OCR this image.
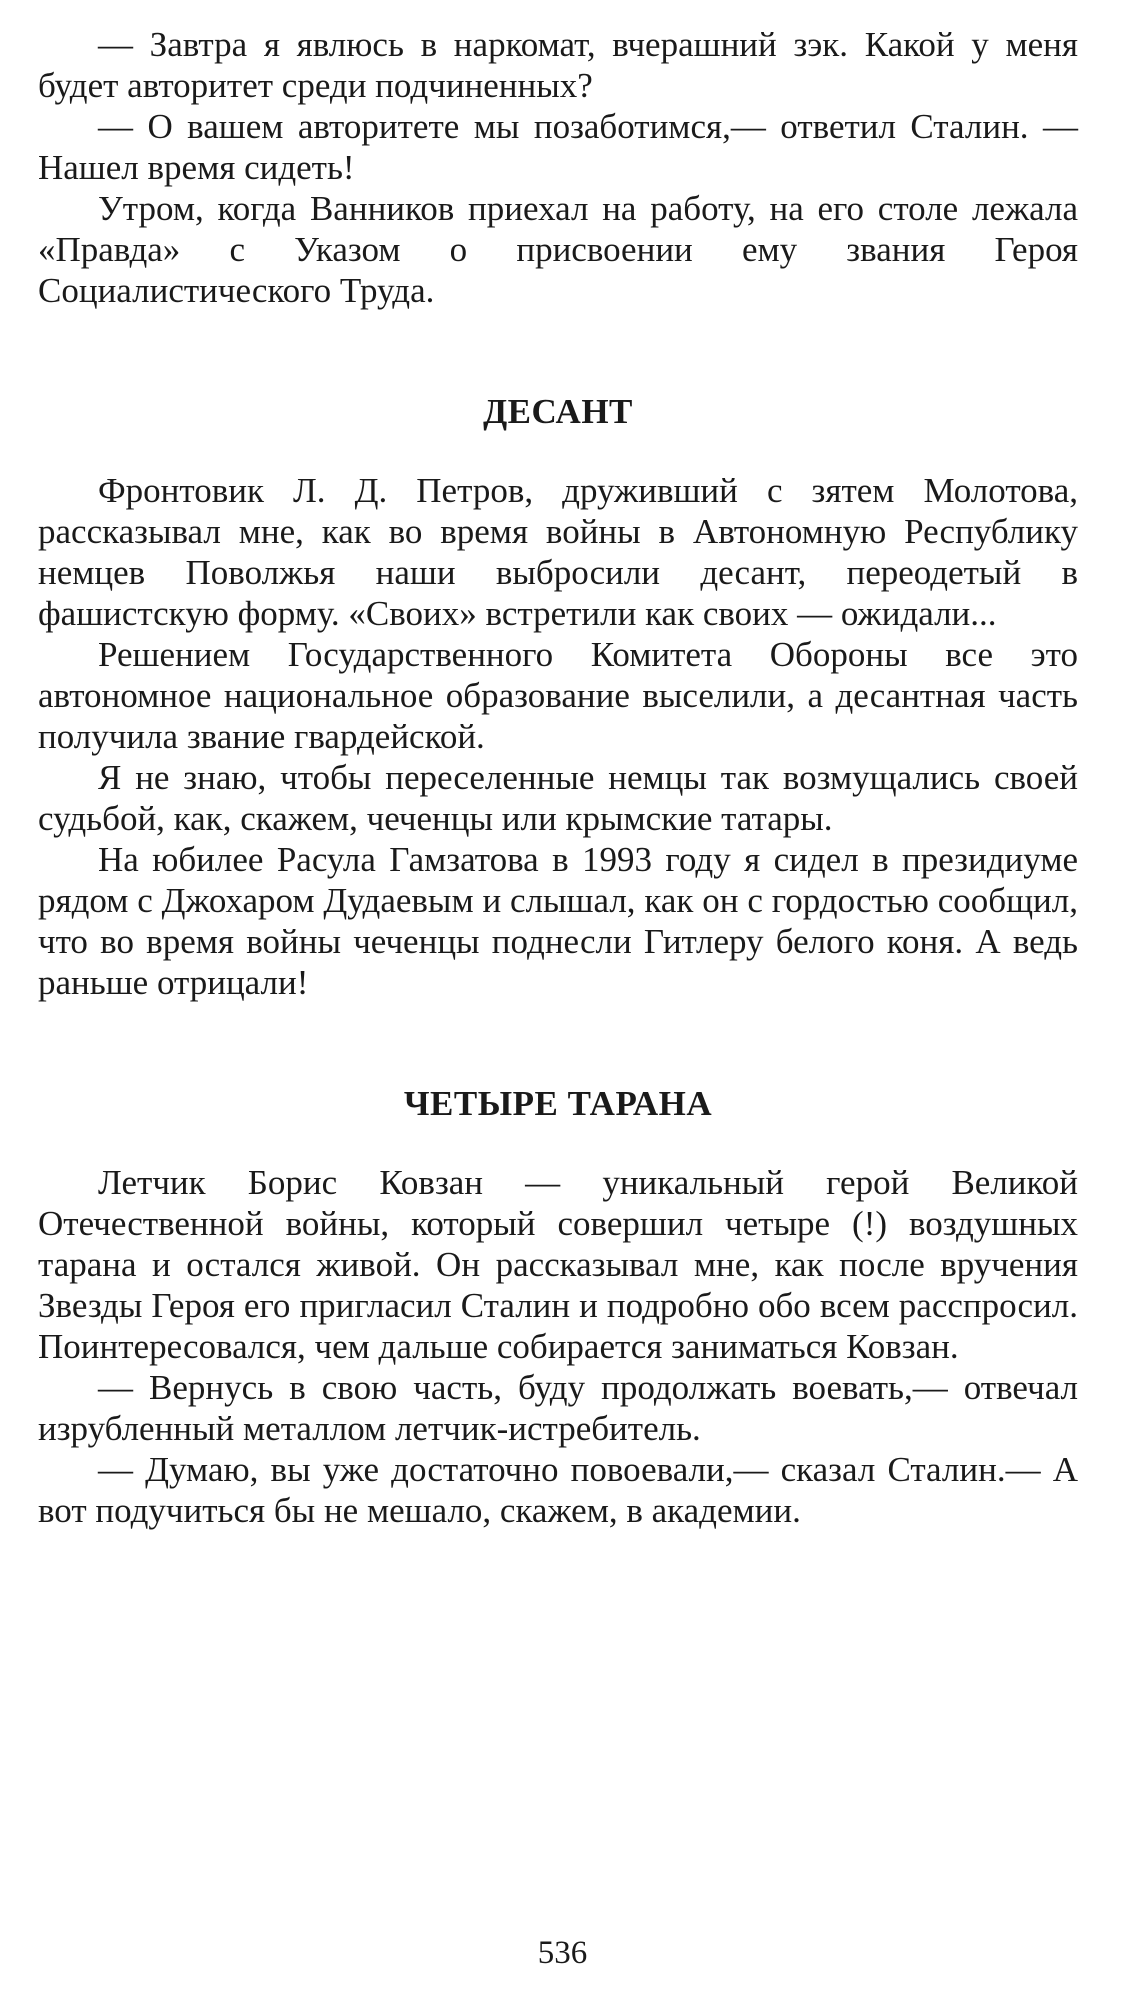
— Завтра я явлюсь в наркомат, вчерашний зэк. Какой у меня будет авторитет среди подчиненных?

— О вашем авторитете мы позаботимся,— ответил Сталин. — Нашел время сидеть!

Утром, когда Ванников приехал на работу, на его столе лежала «Правда» с Указом о присвоении ему звания Героя Социалистического Труда.

ДЕСАНТ

Фронтовик Л. Д. Петров, друживший с зятем Молотова, рассказывал мне, как во время войны в Автономную Республику немцев Поволжья наши выбросили десант, переодетый в фашистскую форму. «Своих» встретили как своих — ожидали...

Решением Государственного Комитета Обороны все это автономное национальное образование выселили, а десантная часть получила звание гвардейской.

Я не знаю, чтобы переселенные немцы так возмущались своей судьбой, как, скажем, чеченцы или крымские татары.

На юбилее Расула Гамзатова в 1993 году я сидел в президиуме рядом с Джохаром Дудаевым и слышал, как он с гордостью сообщил, что во время войны чеченцы поднесли Гитлеру белого коня. А ведь раньше отрицали!

ЧЕТЫРЕ ТАРАНА

Летчик Борис Ковзан — уникальный герой Великой Отечественной войны, который совершил четыре (!) воздушных тарана и остался живой. Он рассказывал мне, как после вручения Звезды Героя его пригласил Сталин и подробно обо всем расспросил. Поинтересовался, чем дальше собирается заниматься Ковзан.

— Вернусь в свою часть, буду продолжать воевать,— отвечал изрубленный металлом летчик-истребитель.

— Думаю, вы уже достаточно повоевали,— сказал Сталин.— А вот подучиться бы не мешало, скажем, в академии.

536
